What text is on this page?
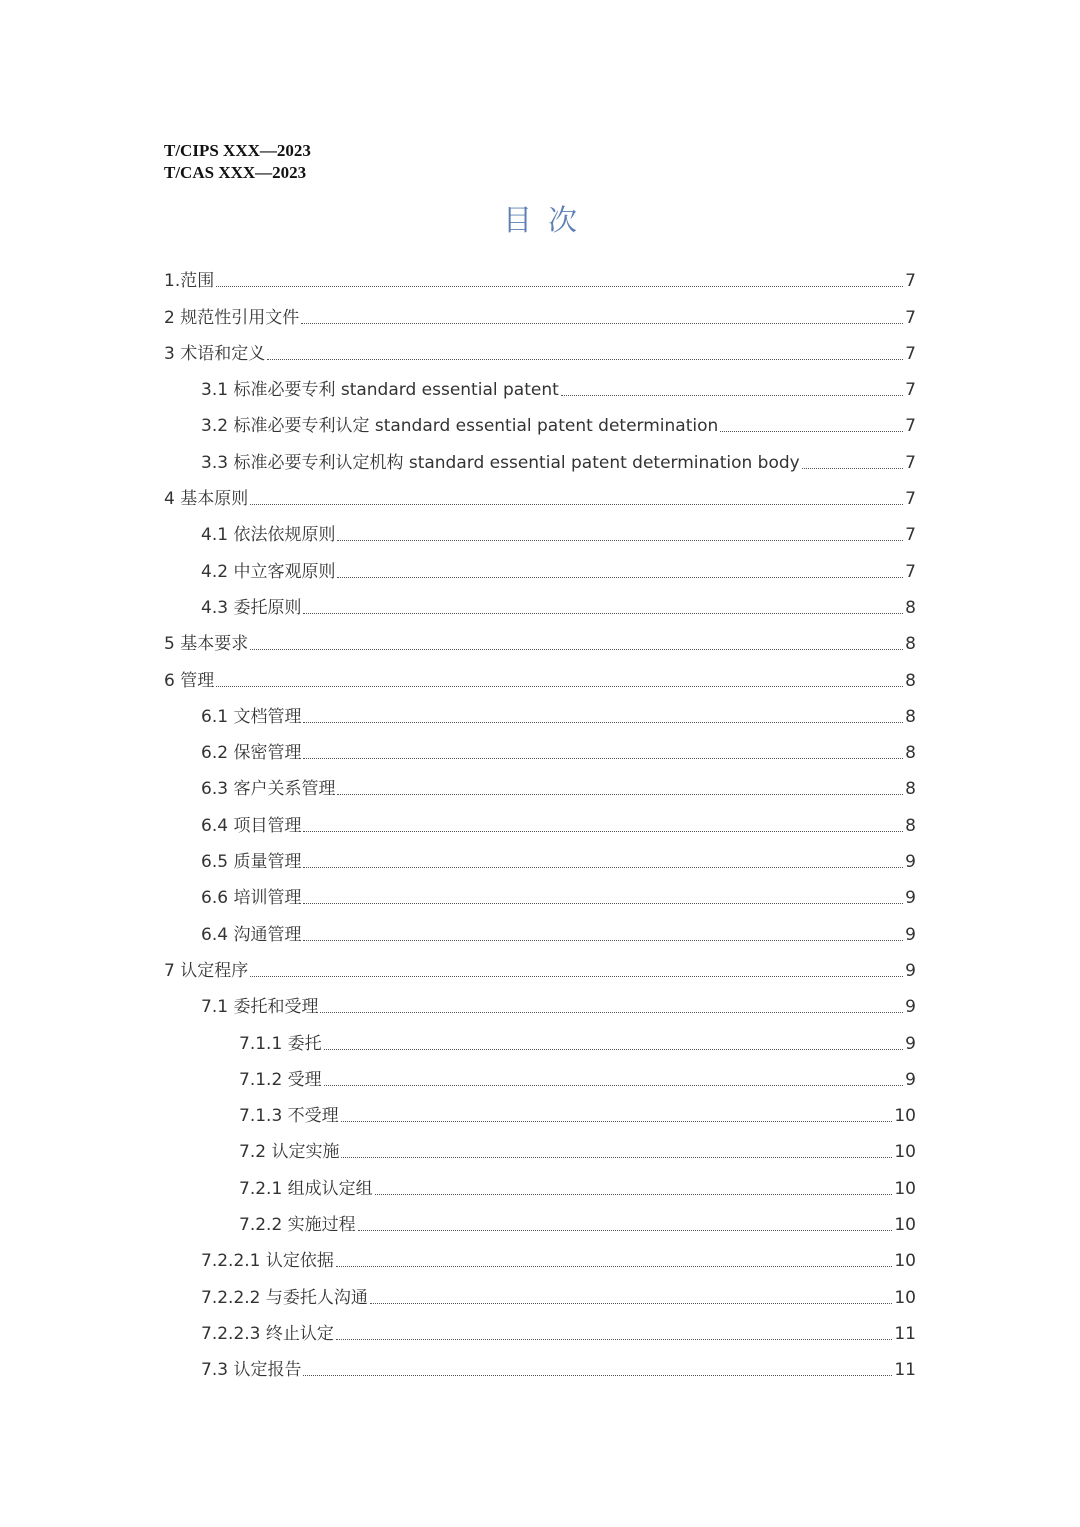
T/CIPS XXX—2023
T/CAS XXX—2023
目次
1.范围	7
2 规范性引用文件	7
3 术语和定义	7
3.1 标准必要专利 standard essential patent	7
3.2 标准必要专利认定 standard essential patent determination	7
3.3 标准必要专利认定机构 standard essential patent determination body	7
4 基本原则	7
4.1 依法依规原则	7
4.2 中立客观原则	7
4.3 委托原则	8
5 基本要求	8
6 管理	8
6.1 文档管理	8
6.2 保密管理	8
6.3 客户关系管理	8
6.4 项目管理	8
6.5 质量管理	9
6.6 培训管理	9
6.4 沟通管理	9
7 认定程序	9
7.1 委托和受理	9
7.1.1 委托	9
7.1.2 受理	9
7.1.3 不受理	10
7.2 认定实施	10
7.2.1 组成认定组	10
7.2.2 实施过程	10
7.2.2.1 认定依据	10
7.2.2.2 与委托人沟通	10
7.2.2.3 终止认定	11
7.3 认定报告	11
